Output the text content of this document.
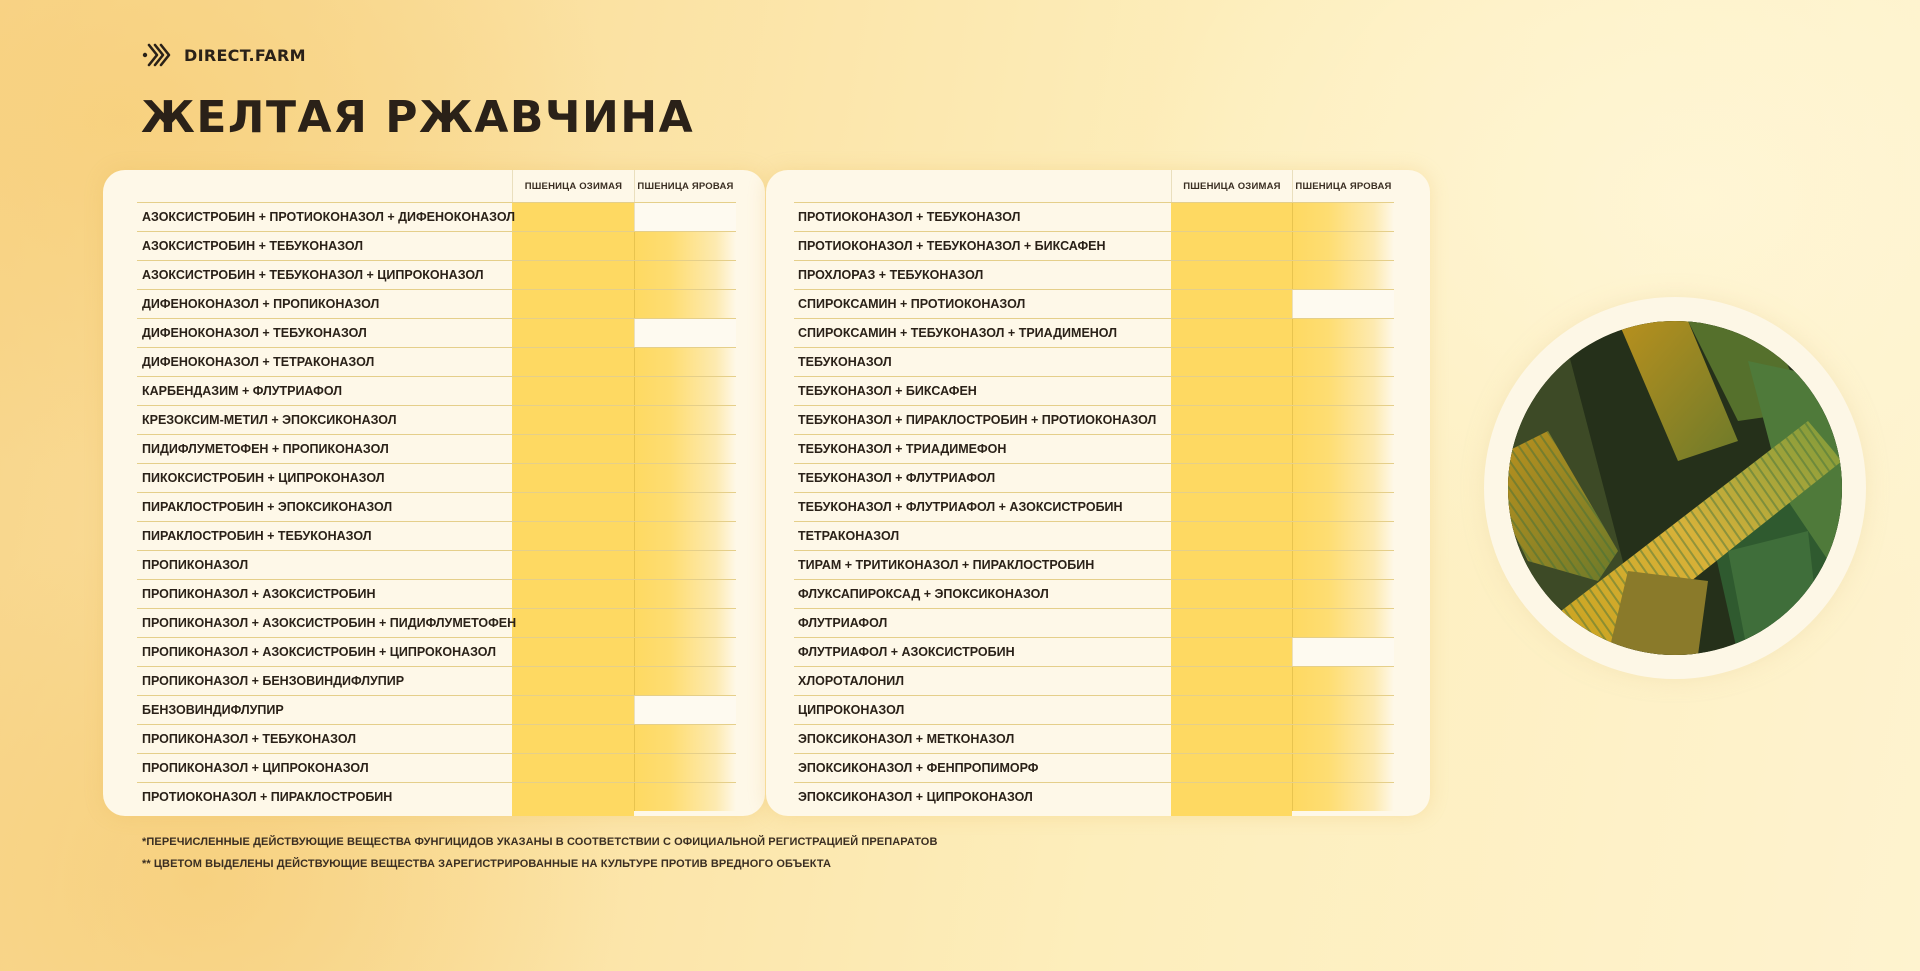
DIRECT.FARM
ЖЕЛТАЯ РЖАВЧИНА
ПШЕНИЦА ОЗИМАЯ	ПШЕНИЦА ЯРОВАЯ
АЗОКСИСТРОБИН + ПРОТИОКОНАЗОЛ + ДИФЕНОКОНАЗОЛ
АЗОКСИСТРОБИН + ТЕБУКОНАЗОЛ
АЗОКСИСТРОБИН + ТЕБУКОНАЗОЛ + ЦИПРОКОНАЗОЛ
ДИФЕНОКОНАЗОЛ + ПРОПИКОНАЗОЛ
ДИФЕНОКОНАЗОЛ + ТЕБУКОНАЗОЛ
ДИФЕНОКОНАЗОЛ + ТЕТРАКОНАЗОЛ
КАРБЕНДАЗИМ + ФЛУТРИАФОЛ
КРЕЗОКСИМ-МЕТИЛ + ЭПОКСИКОНАЗОЛ
ПИДИФЛУМЕТОФЕН + ПРОПИКОНАЗОЛ
ПИКОКСИСТРОБИН + ЦИПРОКОНАЗОЛ
ПИРАКЛОСТРОБИН + ЭПОКСИКОНАЗОЛ
ПИРАКЛОСТРОБИН + ТЕБУКОНАЗОЛ
ПРОПИКОНАЗОЛ
ПРОПИКОНАЗОЛ + АЗОКСИСТРОБИН
ПРОПИКОНАЗОЛ + АЗОКСИСТРОБИН + ПИДИФЛУМЕТОФЕН
ПРОПИКОНАЗОЛ + АЗОКСИСТРОБИН + ЦИПРОКОНАЗОЛ
ПРОПИКОНАЗОЛ + БЕНЗОВИНДИФЛУПИР
БЕНЗОВИНДИФЛУПИР
ПРОПИКОНАЗОЛ + ТЕБУКОНАЗОЛ
ПРОПИКОНАЗОЛ + ЦИПРОКОНАЗОЛ
ПРОТИОКОНАЗОЛ + ПИРАКЛОСТРОБИН
ПШЕНИЦА ОЗИМАЯ	ПШЕНИЦА ЯРОВАЯ
ПРОТИОКОНАЗОЛ + ТЕБУКОНАЗОЛ
ПРОТИОКОНАЗОЛ + ТЕБУКОНАЗОЛ + БИКСАФЕН
ПРОХЛОРАЗ + ТЕБУКОНАЗОЛ
СПИРОКСАМИН + ПРОТИОКОНАЗОЛ
СПИРОКСАМИН + ТЕБУКОНАЗОЛ + ТРИАДИМЕНОЛ
ТЕБУКОНАЗОЛ
ТЕБУКОНАЗОЛ + БИКСАФЕН
ТЕБУКОНАЗОЛ + ПИРАКЛОСТРОБИН + ПРОТИОКОНАЗОЛ
ТЕБУКОНАЗОЛ + ТРИАДИМЕФОН
ТЕБУКОНАЗОЛ + ФЛУТРИАФОЛ
ТЕБУКОНАЗОЛ + ФЛУТРИАФОЛ + АЗОКСИСТРОБИН
ТЕТРАКОНАЗОЛ
ТИРАМ + ТРИТИКОНАЗОЛ + ПИРАКЛОСТРОБИН
ФЛУКСАПИРОКСАД + ЭПОКСИКОНАЗОЛ
ФЛУТРИАФОЛ
ФЛУТРИАФОЛ + АЗОКСИСТРОБИН
ХЛОРОТАЛОНИЛ
ЦИПРОКОНАЗОЛ
ЭПОКСИКОНАЗОЛ + МЕТКОНАЗОЛ
ЭПОКСИКОНАЗОЛ + ФЕНПРОПИМОРФ
ЭПОКСИКОНАЗОЛ + ЦИПРОКОНАЗОЛ

*ПЕРЕЧИСЛЕННЫЕ ДЕЙСТВУЮЩИЕ ВЕЩЕСТВА ФУНГИЦИДОВ УКАЗАНЫ В СООТВЕТСТВИИ С ОФИЦИАЛЬНОЙ РЕГИСТРАЦИЕЙ ПРЕПАРАТОВ

** ЦВЕТОМ ВЫДЕЛЕНЫ ДЕЙСТВУЮЩИЕ ВЕЩЕСТВА ЗАРЕГИСТРИРОВАННЫЕ НА КУЛЬТУРЕ ПРОТИВ ВРЕДНОГО ОБЪЕКТА
